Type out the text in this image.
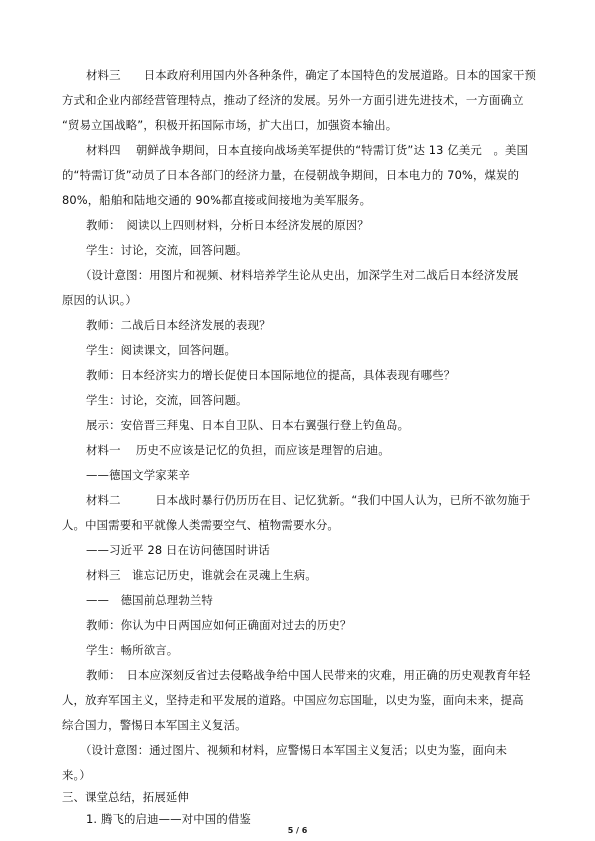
材料三　　日本政府利用国内外各种条件，确定了本国特色的发展道路。日本的国家干预
方式和企业内部经营管理特点，推动了经济的发展。另外一方面引进先进技术，一方面确立
“贸易立国战略”，积极开拓国际市场，扩大出口，加强资本输出。
材料四　 朝鲜战争期间，日本直接向战场美军提供的“特需订货”达 13 亿美元　。美国
的“特需订货”动员了日本各部门的经济力量，在侵朝战争期间，日本电力的 70%，煤炭的
80%，船舶和陆地交通的 90%都直接或间接地为美军服务。
教师：　阅读以上四则材料，分析日本经济发展的原因？
学生：讨论，交流，回答问题。
（设计意图：用图片和视频、材料培养学生论从史出，加深学生对二战后日本经济发展
原因的认识。）
教师：二战后日本经济发展的表现？
学生：阅读课文，回答问题。
教师：日本经济实力的增长促使日本国际地位的提高，具体表现有哪些？
学生：讨论，交流，回答问题。
展示：安倍晋三拜鬼、日本自卫队、日本右翼强行登上钓鱼岛。
材料一　 历史不应该是记忆的负担，而应该是理智的启迪。
——德国文学家莱辛
材料二　　　日本战时暴行仍历历在目、记忆犹新。“我们中国人认为，已所不欲勿施于
人。中国需要和平就像人类需要空气、植物需要水分。
——习近平 28 日在访问德国时讲话
材料三　谁忘记历史，谁就会在灵魂上生病。
——　德国前总理勃兰特
教师：你认为中日两国应如何正确面对过去的历史？
学生：畅所欲言。
教师：　日本应深刻反省过去侵略战争给中国人民带来的灾难，用正确的历史观教育年轻
人，放弃军国主义，坚持走和平发展的道路。中国应勿忘国耻，以史为鉴，面向未来，提高
综合国力，警惕日本军国主义复活。
（设计意图：通过图片、视频和材料，应警惕日本军国主义复活；以史为鉴，面向未
来。）
三、课堂总结，拓展延伸
1. 腾飞的启迪——对中国的借鉴
5 / 6
